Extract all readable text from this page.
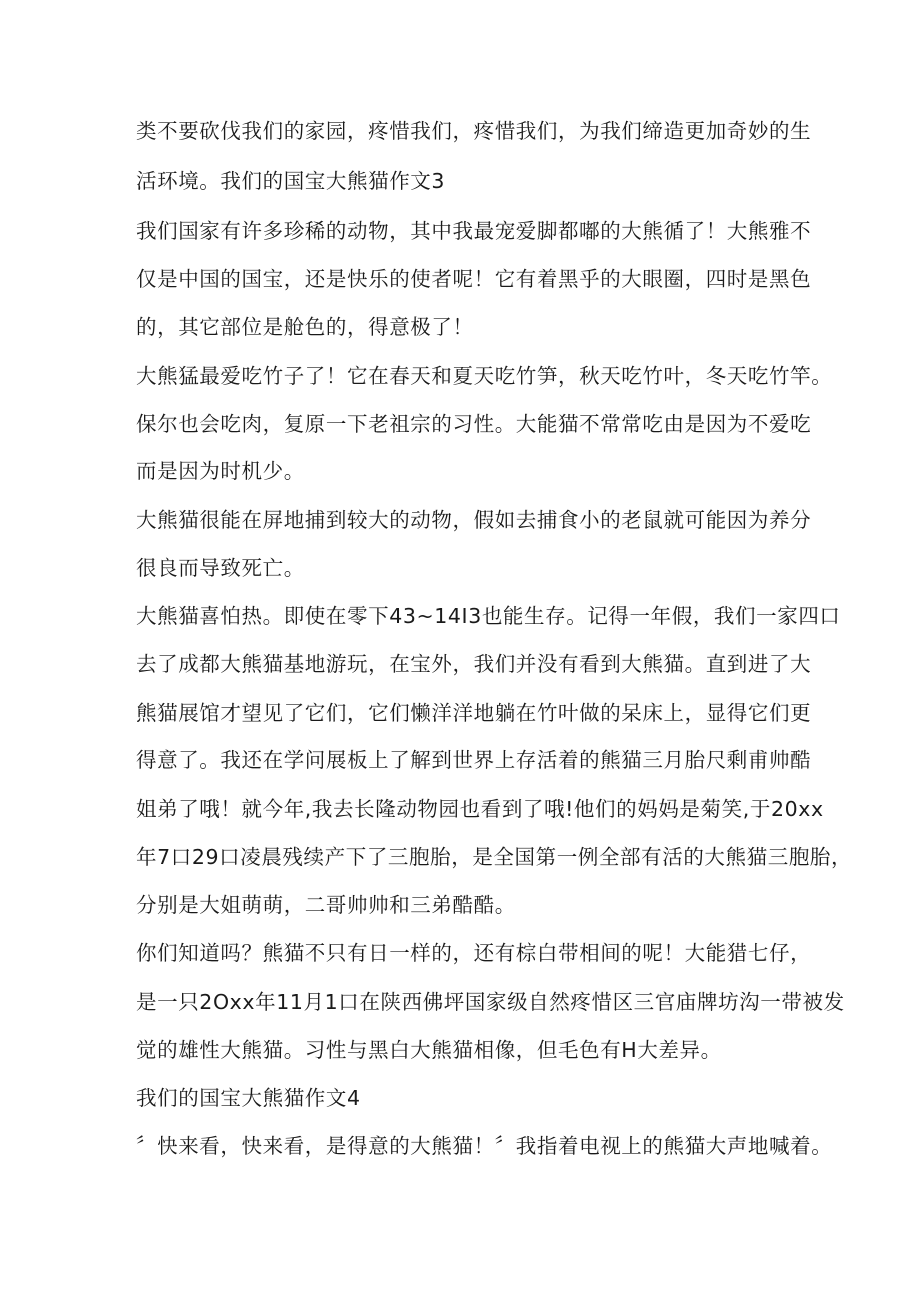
类不要砍伐我们的家园，疼惜我们，疼惜我们，为我们缔造更加奇妙的生
活环境。我们的国宝大熊猫作文3
我们国家有许多珍稀的动物，其中我最宠爱脚都嘟的大熊循了！大熊雅不
仅是中国的国宝，还是快乐的使者呢！它有着黑乎的大眼圈，四时是黑色
的，其它部位是舱色的，得意极了！
大熊猛最爱吃竹子了！它在春天和夏天吃竹笋，秋天吃竹叶，冬天吃竹竿。
保尔也会吃肉，复原一下老祖宗的习性。大能猫不常常吃由是因为不爱吃
而是因为时机少。
大熊猫很能在屏地捕到较大的动物，假如去捕食小的老鼠就可能因为养分
很良而导致死亡。
大熊猫喜怕热。即使在零下43~14I3也能生存。记得一年假，我们一家四口
去了成都大熊猫基地游玩，在宝外，我们并没有看到大熊猫。直到进了大
熊猫展馆才望见了它们，它们懒洋洋地躺在竹叶做的呆床上，显得它们更
得意了。我还在学问展板上了解到世界上存活着的熊猫三月胎尺剩甫帅酷
姐弟了哦！就今年,我去长隆动物园也看到了哦!他们的妈妈是菊笑,于20xx
年7口29口凌晨残续产下了三胞胎，是全国第一例全部有活的大熊猫三胞胎，
分别是大姐萌萌，二哥帅帅和三弟酷酷。
你们知道吗？熊猫不只有日一样的，还有棕白带相间的呢！大能猎七仔，
是一只2Oxx年11月1口在陕西佛坪国家级自然疼惜区三官庙牌坊沟一带被发
觉的雄性大熊猫。习性与黑白大熊猫相像，但毛色有H大差异。
我们的国宝大熊猫作文4
〞快来看，快来看，是得意的大熊猫！〞我指着电视上的熊猫大声地喊着。
